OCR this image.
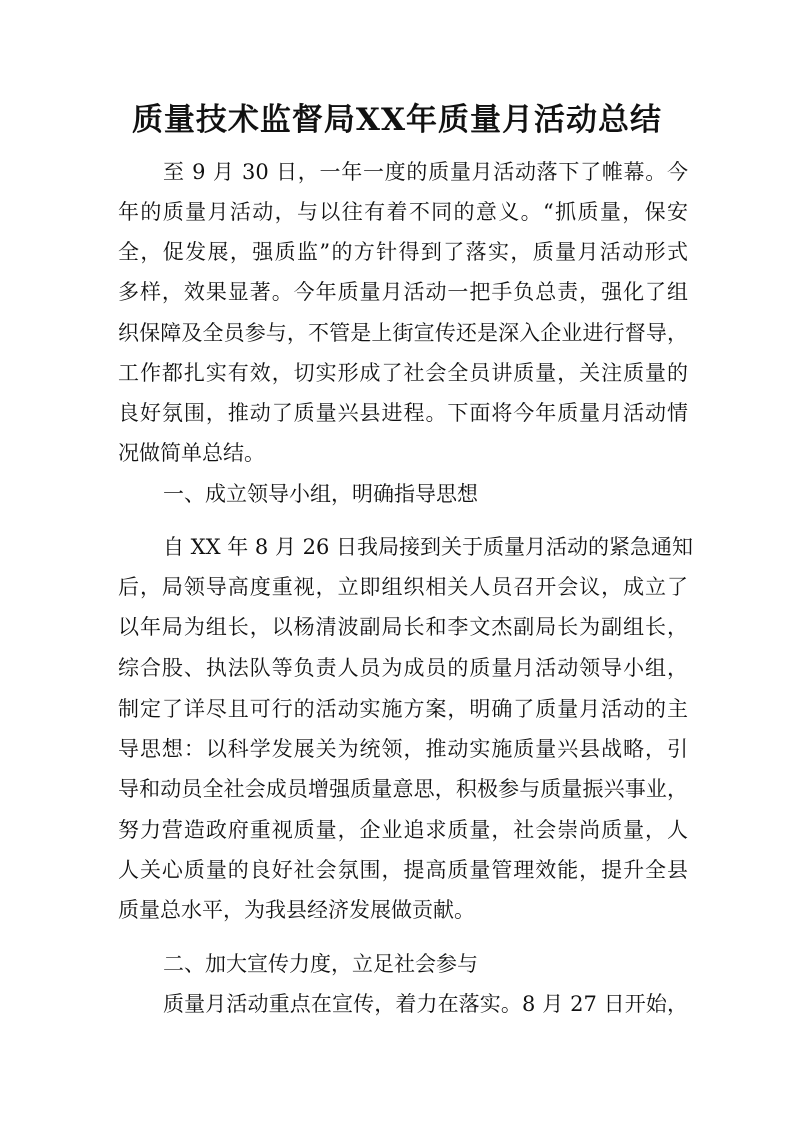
质量技术监督局XX年质量月活动总结
至 9 月 30 日，一年一度的质量月活动落下了帷幕。今
年的质量月活动，与以往有着不同的意义。“抓质量，保安
全，促发展，强质监”的方针得到了落实，质量月活动形式
多样，效果显著。今年质量月活动一把手负总责，强化了组
织保障及全员参与，不管是上街宣传还是深入企业进行督导，
工作都扎实有效，切实形成了社会全员讲质量，关注质量的
良好氛围，推动了质量兴县进程。下面将今年质量月活动情
况做简单总结。
一、成立领导小组，明确指导思想
自 XX 年 8 月 26 日我局接到关于质量月活动的紧急通知
后，局领导高度重视，立即组织相关人员召开会议，成立了
以年局为组长，以杨清波副局长和李文杰副局长为副组长，
综合股、执法队等负责人员为成员的质量月活动领导小组，
制定了详尽且可行的活动实施方案，明确了质量月活动的主
导思想：以科学发展关为统领，推动实施质量兴县战略，引
导和动员全社会成员增强质量意思，积极参与质量振兴事业，
努力营造政府重视质量，企业追求质量，社会崇尚质量，人
人关心质量的良好社会氛围，提高质量管理效能，提升全县
质量总水平，为我县经济发展做贡献。
二、加大宣传力度，立足社会参与
质量月活动重点在宣传，着力在落实。8 月 27 日开始，
